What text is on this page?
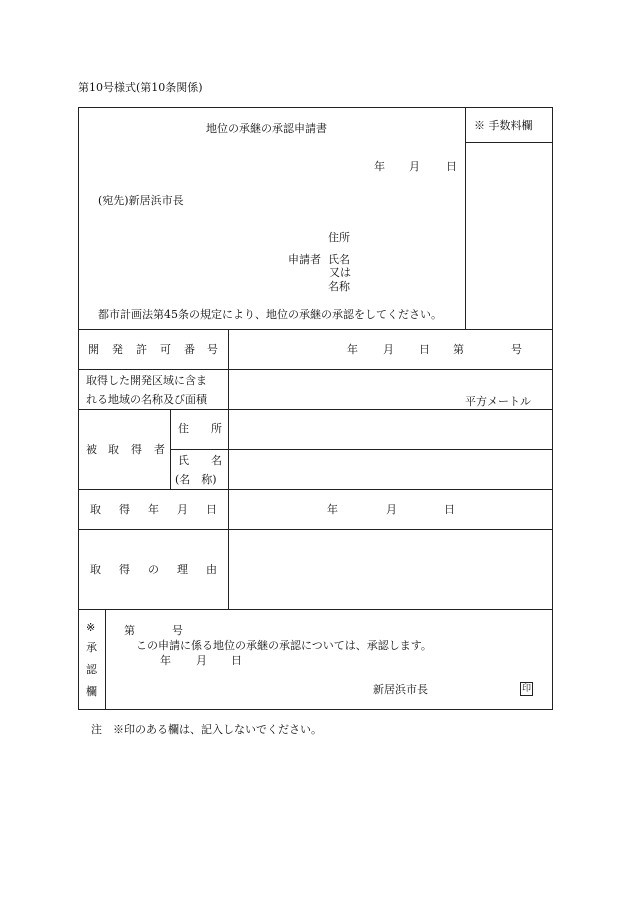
第10号様式(第10条関係)
地位の承継の承認申請書	※ 手数料欄
年 月 日
(宛先)新居浜市長
住所
申請者 氏名
又は
名称
都市計画法第45条の規定により、地位の承継の承認をしてください。
開 発 許 可 番 号	年 月 日 第	号
取得した開発区域に含ま
れる地域の名称及び面積	平方メートル
被 取 得 者
住 所
氏 名
(名　称)
取 得 年 月 日	年	月	日
取 得 の 理 由
※
承
認
欄
第	号
この申請に係る地位の承継の承認については、承認します。
年 月 日
新居浜市長	印
注　※印のある欄は、記入しないでください。
